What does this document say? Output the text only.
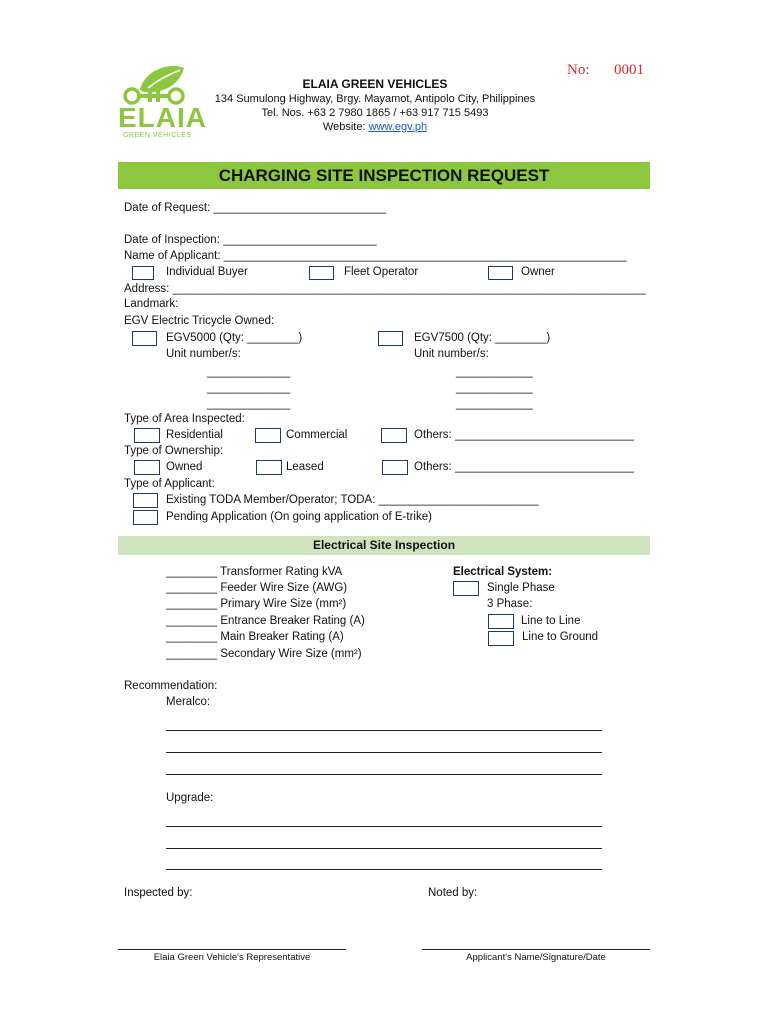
ELAIA
GREEN VEHICLES
ELAIA GREEN VEHICLES
134 Sumulong Highway, Brgy. Mayamot, Antipolo City, Philippines
Tel. Nos. +63 2 7980 1865 / +63 917 715 5493
Website: www.egv.ph
No: 0001
CHARGING SITE INSPECTION REQUEST
Date of Request: ___________________________
Date of Inspection: ________________________
Name of Applicant: _______________________________________________________________
Individual Buyer	Fleet Operator	Owner
Address: __________________________________________________________________________
Landmark:
EGV Electric Tricycle Owned:
EGV5000 (Qty: ________)	EGV7500 (Qty: ________)
Unit number/s:	Unit number/s:
_____________
_____________
_____________
____________
____________
____________
Type of Area Inspected:
Residential	Commercial	Others: ____________________________
Type of Ownership:
Owned	Leased	Others: ____________________________
Type of Applicant:
Existing TODA Member/Operator; TODA: _________________________
Pending Application (On going application of E-trike)
Electrical Site Inspection
________ Transformer Rating kVA
________ Feeder Wire Size (AWG)
________ Primary Wire Size (mm²)
________ Entrance Breaker Rating (A)
________ Main Breaker Rating (A)
________ Secondary Wire Size (mm²)
Electrical System:
Single Phase
3 Phase:
Line to Line
Line to Ground
Recommendation:
Meralco:
Upgrade:
Inspected by:	Noted by:
Elaia Green Vehicle's Representative	Applicant's Name/Signature/Date
